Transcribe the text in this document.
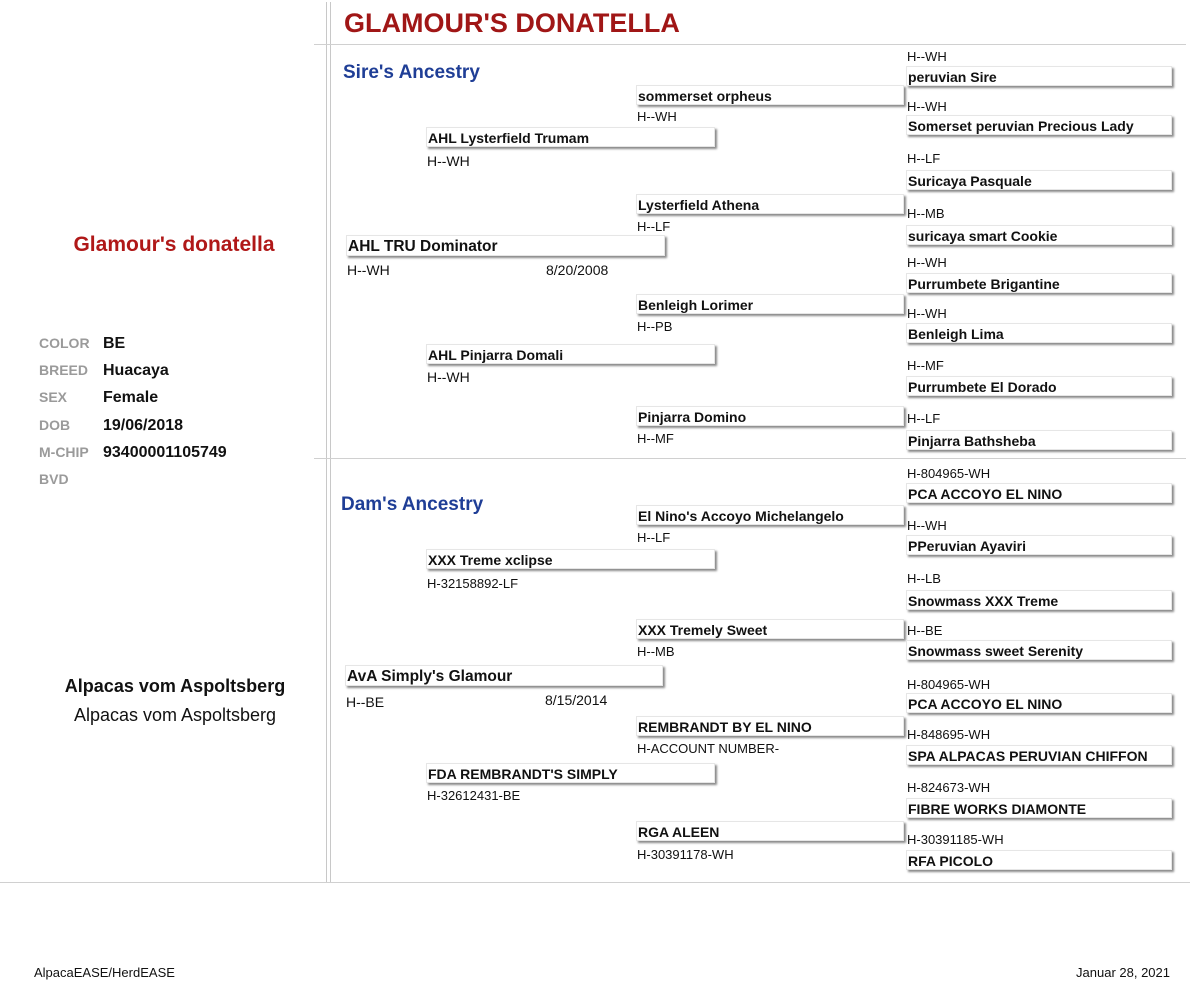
GLAMOUR'S DONATELLA
Glamour's donatella
COLOR BE
BREED Huacaya
SEX Female
DOB 19/06/2018
M-CHIP 93400001105749
BVD
Alpacas vom Aspoltsberg
Alpacas vom Aspoltsberg
Sire's Ancestry
AHL TRU Dominator
H--WH	8/20/2008
AHL Lysterfield Trumam
H--WH
AHL Pinjarra Domali
H--WH
sommerset orpheus
H--WH
Lysterfield Athena
H--LF
Benleigh Lorimer
H--PB
Pinjarra Domino
H--MF
H--WH
peruvian Sire
H--WH
Somerset peruvian Precious Lady
H--LF
Suricaya Pasquale
H--MB
suricaya smart Cookie
H--WH
Purrumbete Brigantine
H--WH
Benleigh Lima
H--MF
Purrumbete El Dorado
H--LF
Pinjarra Bathsheba
Dam's Ancestry
AvA Simply's Glamour
H--BE	8/15/2014
XXX Treme xclipse
H-32158892-LF
FDA REMBRANDT'S SIMPLY
H-32612431-BE
El Nino's Accoyo Michelangelo
H--LF
XXX Tremely Sweet
H--MB
REMBRANDT BY EL NINO
H-ACCOUNT NUMBER-
RGA ALEEN
H-30391178-WH
H-804965-WH
PCA ACCOYO EL NINO
H--WH
PPeruvian Ayaviri
H--LB
Snowmass XXX Treme
H--BE
Snowmass sweet Serenity
H-804965-WH
PCA ACCOYO EL NINO
H-848695-WH
SPA ALPACAS PERUVIAN CHIFFON
H-824673-WH
FIBRE WORKS DIAMONTE
H-30391185-WH
RFA PICOLO
AlpacaEASE/HerdEASE	Januar 28, 2021
